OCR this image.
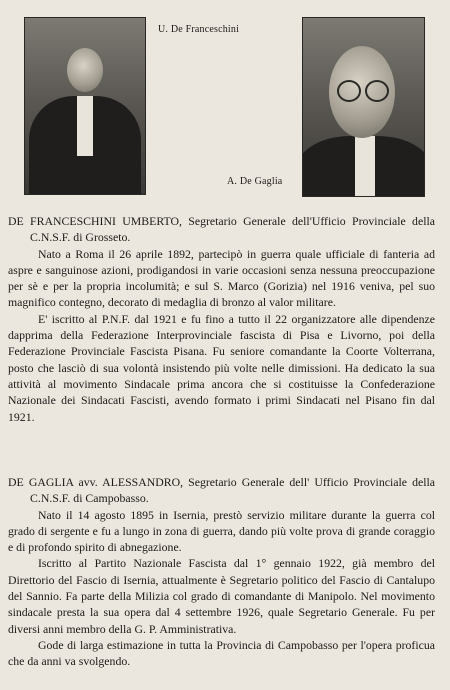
U. De Franceschini
A. De Gaglia

DE FRANCESCHINI UMBERTO, Segretario Generale dell'Ufficio Provinciale della C.N.S.F. di Grosseto.

Nato a Roma il 26 aprile 1892, partecipò in guerra quale ufficiale di fanteria ad aspre e sanguinose azioni, prodigandosi in varie occasioni senza nessuna preoccupazione per sè e per la propria incolumità; e sul S. Marco (Gorizia) nel 1916 veniva, pel suo magnifico contegno, decorato di medaglia di bronzo al valor militare.

E' iscritto al P.N.F. dal 1921 e fu fino a tutto il 22 organizzatore alle dipendenze dapprima della Federazione Interprovinciale fascista di Pisa e Livorno, poi della Federazione Provinciale Fascista Pisana. Fu seniore comandante la Coorte Volterrana, posto che lasciò di sua volontà insistendo più volte nelle dimissioni. Ha dedicato la sua attività al movimento Sindacale prima ancora che si costituisse la Confederazione Nazionale dei Sindacati Fascisti, avendo formato i primi Sindacati nel Pisano fin dal 1921.

DE GAGLIA avv. ALESSANDRO, Segretario Generale dell' Ufficio Provinciale della C.N.S.F. di Campobasso.

Nato il 14 agosto 1895 in Isernia, prestò servizio militare durante la guerra col grado di sergente e fu a lungo in zona di guerra, dando più volte prova di grande coraggio e di profondo spirito di abnegazione.

Iscritto al Partito Nazionale Fascista dal 1° gennaio 1922, già membro del Direttorio del Fascio di Isernia, attualmente è Segretario politico del Fascio di Cantalupo del Sannio. Fa parte della Milizia col grado di comandante di Manipolo. Nel movimento sindacale presta la sua opera dal 4 settembre 1926, quale Segretario Generale. Fu per diversi anni membro della G. P. Amministrativa.

Gode di larga estimazione in tutta la Provincia di Campobasso per l'opera proficua che da anni va svolgendo.
